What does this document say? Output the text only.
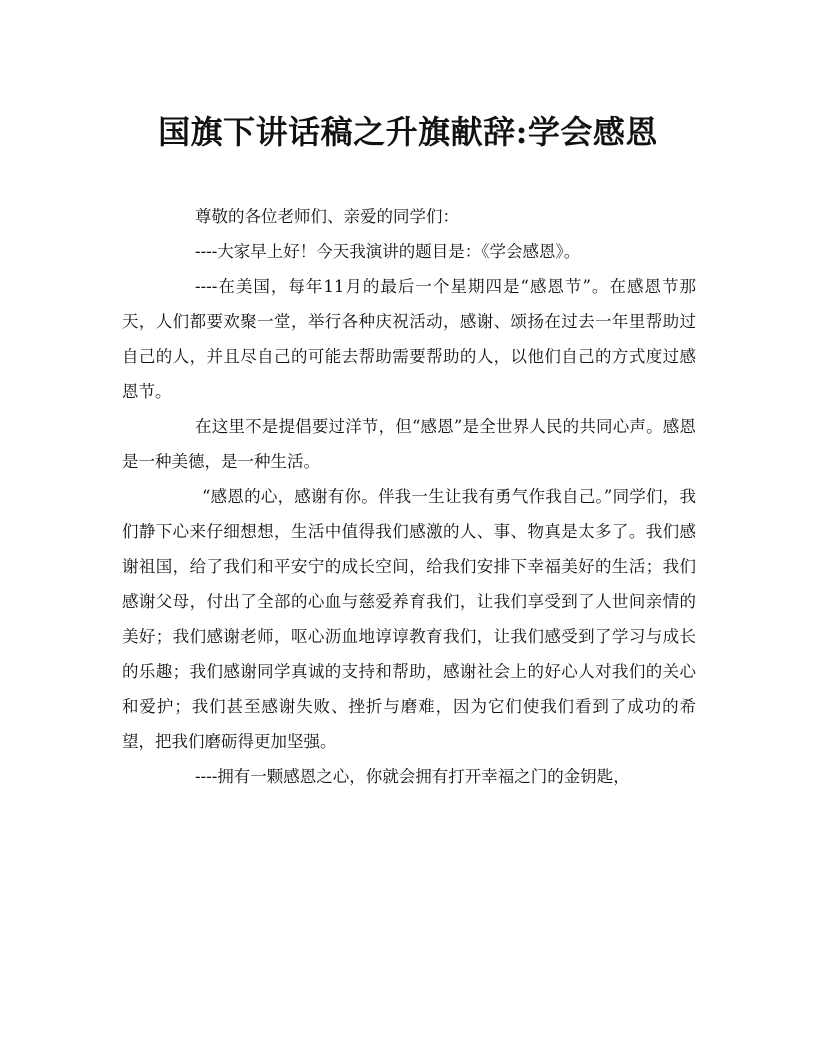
国旗下讲话稿之升旗献辞:学会感恩

尊敬的各位老师们、亲爱的同学们：

----大家早上好！今天我演讲的题目是：《学会感恩》。

----在美国，每年11月的最后一个星期四是“感恩节”。在感恩节那天，人们都要欢聚一堂，举行各种庆祝活动，感谢、颂扬在过去一年里帮助过自己的人，并且尽自己的可能去帮助需要帮助的人，以他们自己的方式度过感恩节。

在这里不是提倡要过洋节，但“感恩”是全世界人民的共同心声。感恩是一种美德，是一种生活。

“感恩的心，感谢有你。伴我一生让我有勇气作我自己。”同学们，我们静下心来仔细想想，生活中值得我们感激的人、事、物真是太多了。我们感谢祖国，给了我们和平安宁的成长空间，给我们安排下幸福美好的生活；我们感谢父母，付出了全部的心血与慈爱养育我们，让我们享受到了人世间亲情的美好；我们感谢老师，呕心沥血地谆谆教育我们，让我们感受到了学习与成长的乐趣；我们感谢同学真诚的支持和帮助，感谢社会上的好心人对我们的关心和爱护；我们甚至感谢失败、挫折与磨难，因为它们使我们看到了成功的希望，把我们磨砺得更加坚强。

----拥有一颗感恩之心，你就会拥有打开幸福之门的金钥匙，
